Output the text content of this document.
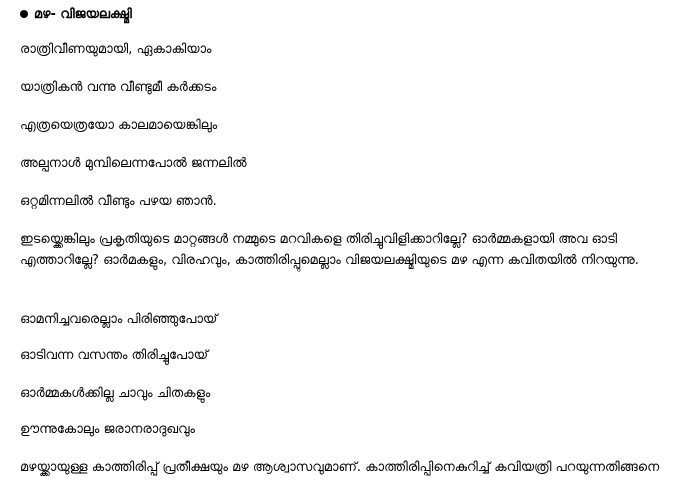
മഴ- വിജയലക്ഷ്മി
രാത്രിവീണയുമായി, ഏകാകിയാം
യാത്രികൻ വന്നു വീണ്ടുമീ കർക്കടം
എത്രയെത്രയോ കാലമായെങ്കിലും
അല്പനാൾ മുമ്പിലെന്നപോൽ ജന്നലിൽ
ഒറ്റമിന്നലിൽ വീണ്ടും പഴയ ഞാൻ.
ഇടയ്ക്കെങ്കിലും പ്രകൃതിയുടെ മാറ്റങ്ങൾ നമ്മുടെ മറവികളെ തിരിച്ചുവിളിക്കാറില്ലേ? ഓർമ്മകളായി അവ ഓടി എത്താറില്ലേ? ഓർമകളും, വിരഹവും, കാത്തിരിപ്പുമെല്ലാം വിജയലക്ഷ്മിയുടെ മഴ എന്ന കവിതയിൽ നിറയുന്നു.
ഓമനിച്ചവരെല്ലാം പിരിഞ്ഞുപോയ്
ഓടിവന്ന വസന്തം തിരിച്ചുപോയ്
ഓർമ്മകൾക്കില്ല ചാവും ചിതകളും
ഊന്നുകോലും ജരാനരാദുഖവും
മഴയ്ക്കായുള്ള കാത്തിരിപ്പ് പ്രതീക്ഷയും മഴ ആശ്വാസവുമാണ്. കാത്തിരിപ്പിനെകുറിച്ച് കവിയത്രി പറയുന്നതിങ്ങനെ
